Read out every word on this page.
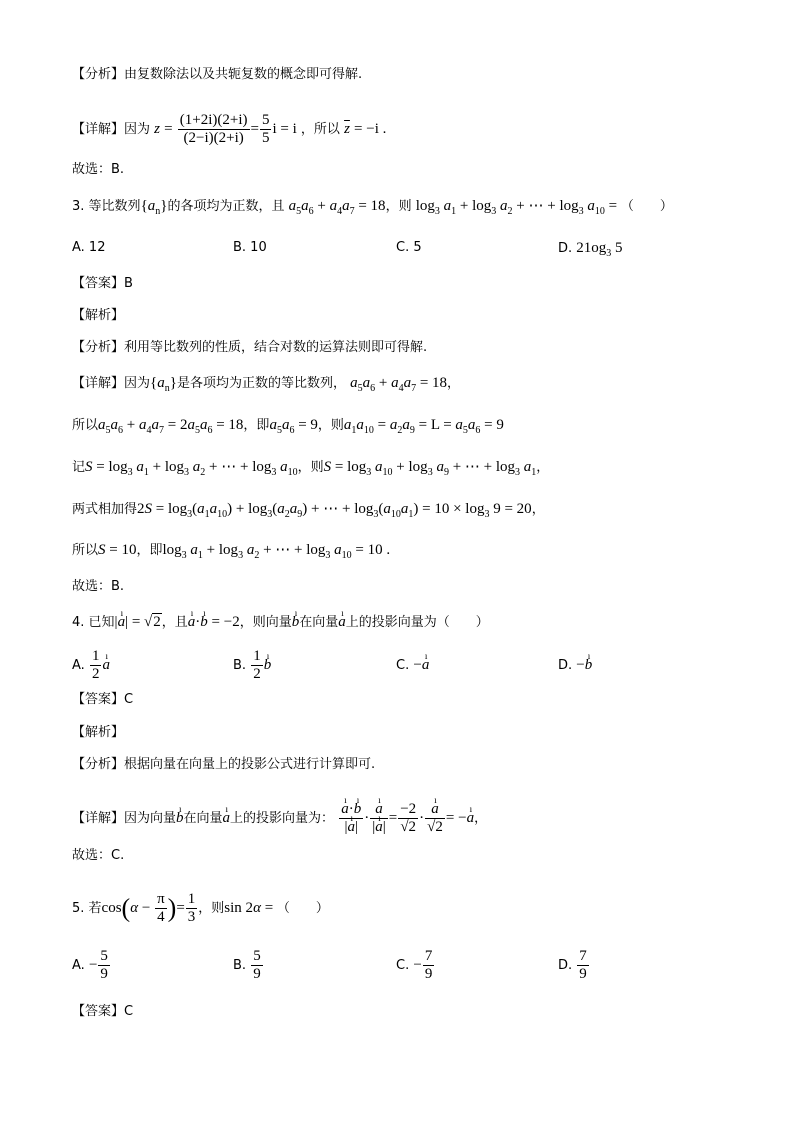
【分析】由复数除法以及共轭复数的概念即可得解.
【详解】因为 $z = \frac{(1+2i)(2+i)}{(2-i)(2+i)} = \frac{5}{5}$ i = i ，所以 $\overline{z} = -i$ .
故选：B.
3. 等比数列$\{a_n\}$的各项均为正数，且 $a_5a_6 + a_4a_7 = 18$，则 $\log_3 a_1 + \log_3 a_2$ + ⋯ + $\log_3 a_{10}$ = （　　）
A. 12	B. 10	C. 5	D. $21og_3$ 5
【答案】B
【解析】
【分析】利用等比数列的性质，结合对数的运算法则即可得解.
【详解】因为$\{a_n\}$是各项均为正数的等比数列， $a_5a_6 + a_4a_7 = 18$，
所以$a_5a_6 + a_4a_7 = 2a_5a_6 = 18$，即$a_5a_6 = 9$，则$a_1a_{10} = a_2a_9 = L = a_5a_6 = 9$
记$S = \log_3 a_1 + \log_3 a_2$ + ⋯ + $\log_3 a_{10}$，则$S = \log_3 a_{10} + \log_3 a_9$ + ⋯ + $\log_3 a_1$，
两式相加得$2S = \log_3(a_1a_{10}) + \log_3(a_2a_9)$ + ⋯ + $\log_3(a_{10}a_1) = 10 \times \log_3 9 = 20$，
所以S = 10，即$\log_3 a_1 + \log_3 a_2$ + ⋯ + $\log_3 a_{10} = 10$ .
故选：B.
4. 已知|ı a| = √2，且ı a·ı b = −2，则向量ı b在向量ı a上的投影向量为（　　）
A. $\frac{1}{2}$ ı a	B. $\frac{1}{2}$ ı b	C. −ı a	D. −ı b
【答案】C
【解析】
【分析】根据向量在向量上的投影公式进行计算即可.
【详解】因为向量ı b在向量ı a上的投影向量为： ı $\frac{\text{a·ı b}}{\text{|ı a|}}$ · ı $\frac{a}{\text{|ı a|}} = \frac{-2}{√2}$ · ı $\frac{a}{√2}$ = −ı a，
故选：C.
5. 若$\cos(\alpha - \frac{\pi}{4}$ )= $\frac{1}{3}$ ，则sin 2α = （　　）
A. − $\frac{5}{9}$	B. $\frac{5}{9}$	C. − $\frac{7}{9}$	D. $\frac{7}{9}$
【答案】C
